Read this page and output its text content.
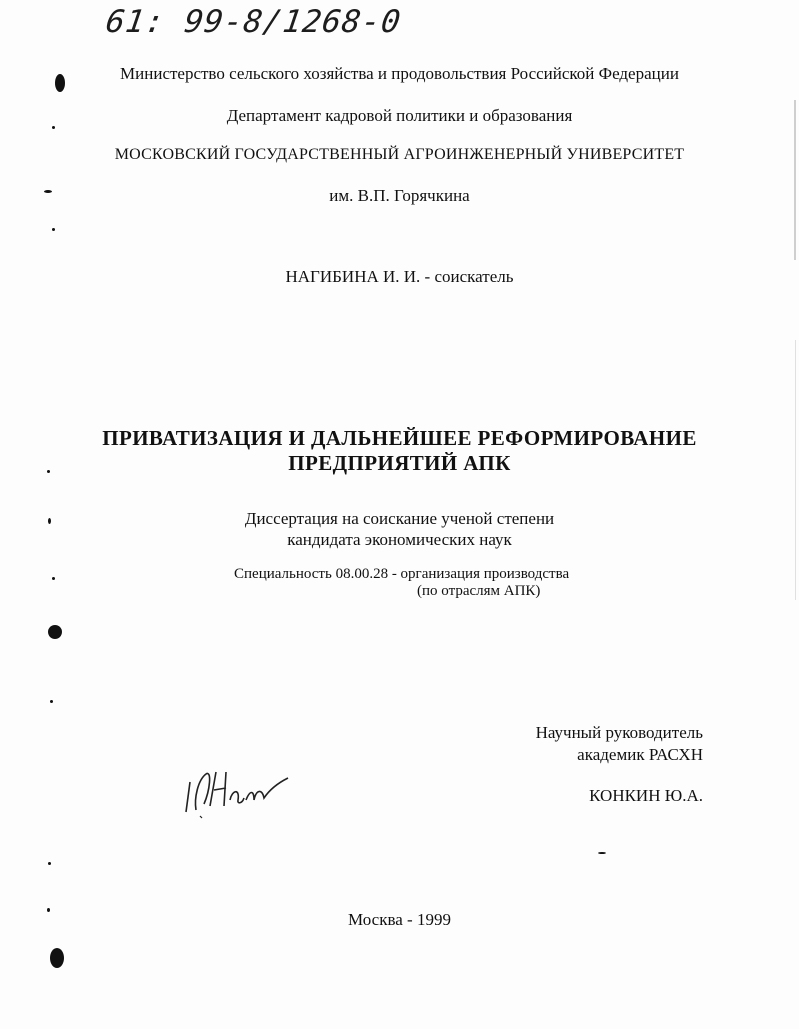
61: 99-8/1268-0
Министерство сельского хозяйства и продовольствия Российской Федерации
Департамент кадровой политики и образования
МОСКОВСКИЙ ГОСУДАРСТВЕННЫЙ АГРОИНЖЕНЕРНЫЙ УНИВЕРСИТЕТ
им. В.П. Горячкина
НАГИБИНА И. И. - соискатель
ПРИВАТИЗАЦИЯ И ДАЛЬНЕЙШЕЕ РЕФОРМИРОВАНИЕ
ПРЕДПРИЯТИЙ АПК
Диссертация на соискание ученой степени
кандидата экономических наук
Специальность 08.00.28 - организация производства
(по отраслям АПК)
Научный руководитель
академик РАСХН
КОНКИН Ю.А.
Москва - 1999
